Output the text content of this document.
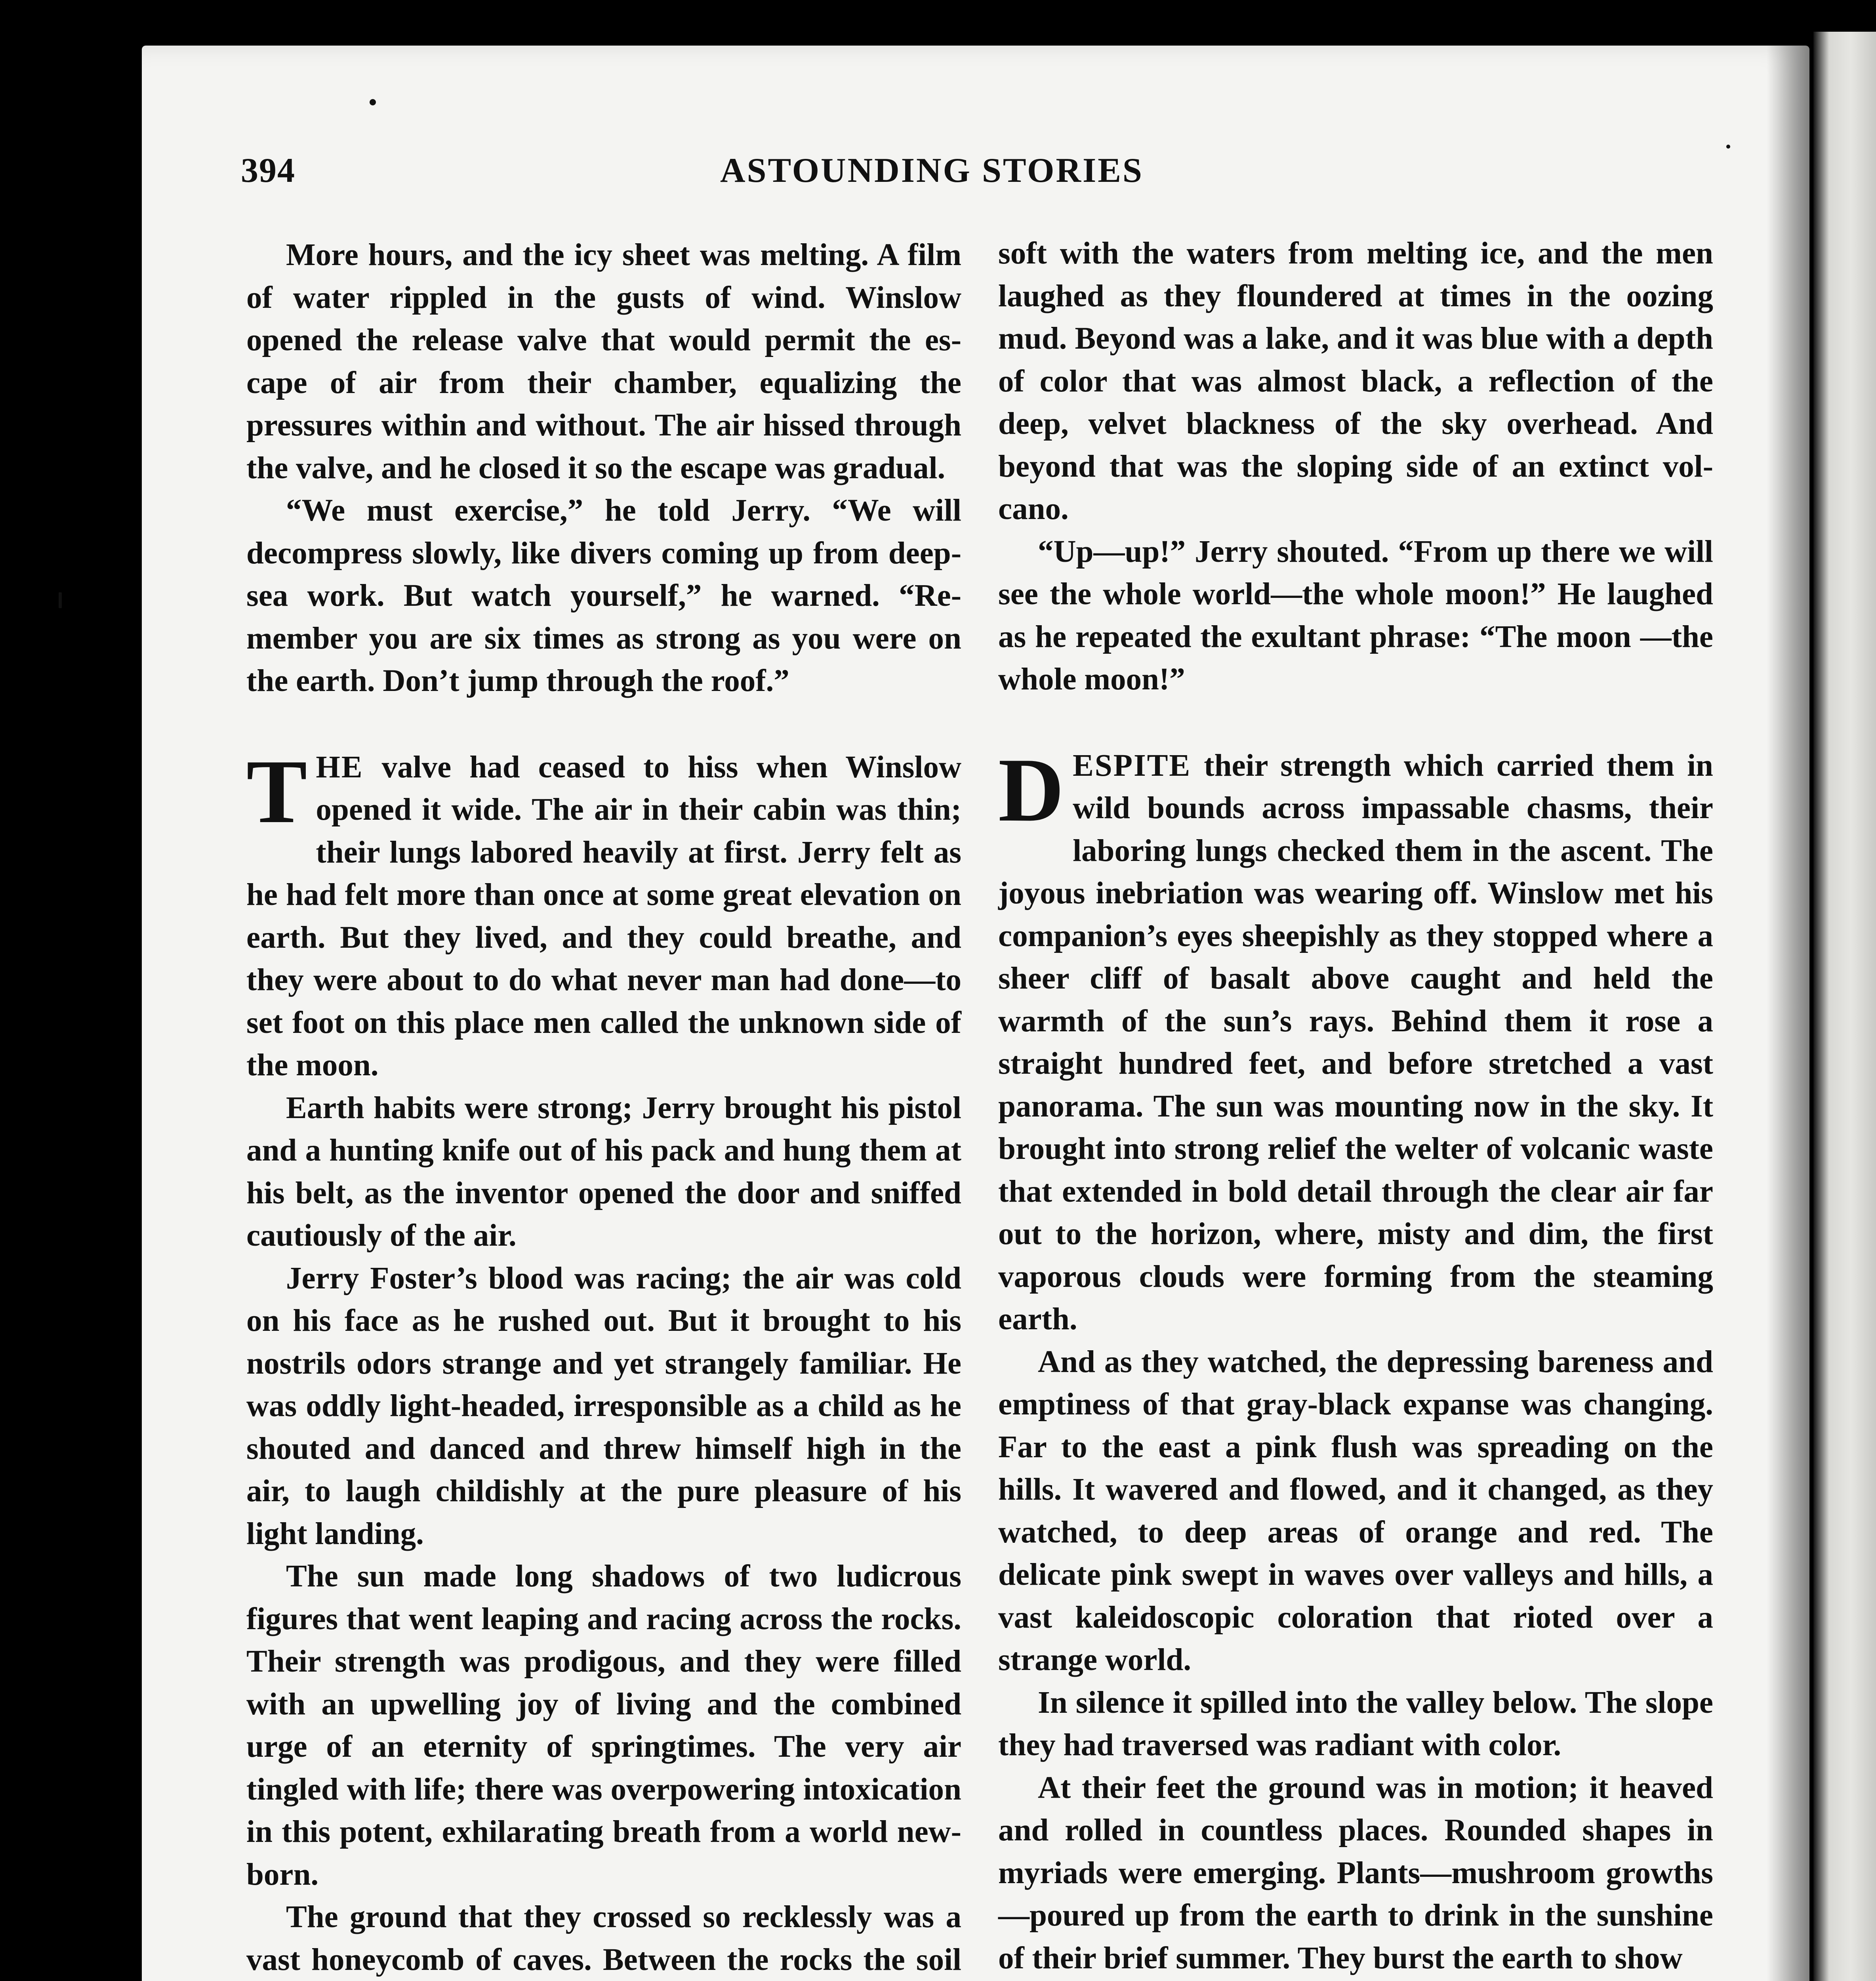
394	ASTOUNDING STORIES

More hours, and the icy sheet was melting. A film of water rippled in the gusts of wind. Winslow opened the release valve that would permit the escape of air from their chamber, equalizing the pressures within and without. The air hissed through the valve, and he closed it so the escape was gradual.

“We must exercise,” he told Jerry. “We will decompress slowly, like divers coming up from deep-sea work. But watch yourself,” he warned. “Remember you are six times as strong as you were on the earth. Don’t jump through the roof.”

THE valve had ceased to hiss when Winslow opened it wide. The air in their cabin was thin; their lungs labored heavily at first. Jerry felt as he had felt more than once at some great elevation on earth. But they lived, and they could breathe, and they were about to do what never man had done—to set foot on this place men called the unknown side of the moon.

Earth habits were strong; Jerry brought his pistol and a hunting knife out of his pack and hung them at his belt, as the inventor opened the door and sniffed cautiously of the air.

Jerry Foster’s blood was racing; the air was cold on his face as he rushed out. But it brought to his nostrils odors strange and yet strangely familiar. He was oddly light-headed, irresponsible as a child as he shouted and danced and threw himself high in the air, to laugh childishly at the pure pleasure of his light landing.

The sun made long shadows of two ludicrous figures that went leaping and racing across the rocks. Their strength was prodigous, and they were filled with an upwelling joy of living and the combined urge of an eternity of springtimes. The very air tingled with life; there was overpowering intoxication in this potent, exhilarating breath from a world new-born.

The ground that they crossed so recklessly was a vast honeycomb of caves. Between the rocks the soil

soft with the waters from melting ice, and the men laughed as they floundered at times in the oozing mud. Beyond was a lake, and it was blue with a depth of color that was almost black, a reflection of the deep, velvet blackness of the sky overhead. And beyond that was the sloping side of an extinct volcano.

“Up—up!” Jerry shouted. “From up there we will see the whole world—the whole moon!” He laughed as he repeated the exultant phrase: “The moon —the whole moon!”

DESPITE their strength which carried them in wild bounds across impassable chasms, their laboring lungs checked them in the ascent. The joyous inebriation was wearing off. Winslow met his companion’s eyes sheepishly as they stopped where a sheer cliff of basalt above caught and held the warmth of the sun’s rays. Behind them it rose a straight hundred feet, and before stretched a vast panorama. The sun was mounting now in the sky. It brought into strong relief the welter of volcanic waste that extended in bold detail through the clear air far out to the horizon, where, misty and dim, the first vaporous clouds were forming from the steaming earth.

And as they watched, the depressing bareness and emptiness of that gray-black expanse was changing. Far to the east a pink flush was spreading on the hills. It wavered and flowed, and it changed, as they watched, to deep areas of orange and red. The delicate pink swept in waves over valleys and hills, a vast kaleidoscopic coloration that rioted over a strange world.

In silence it spilled into the valley below. The slope they had traversed was radiant with color.

At their feet the ground was in motion; it heaved and rolled in countless places. Rounded shapes in myriads were emerging. Plants—mushroom growths—poured up from the earth to drink in the sunshine of their brief summer. They burst the earth to show
